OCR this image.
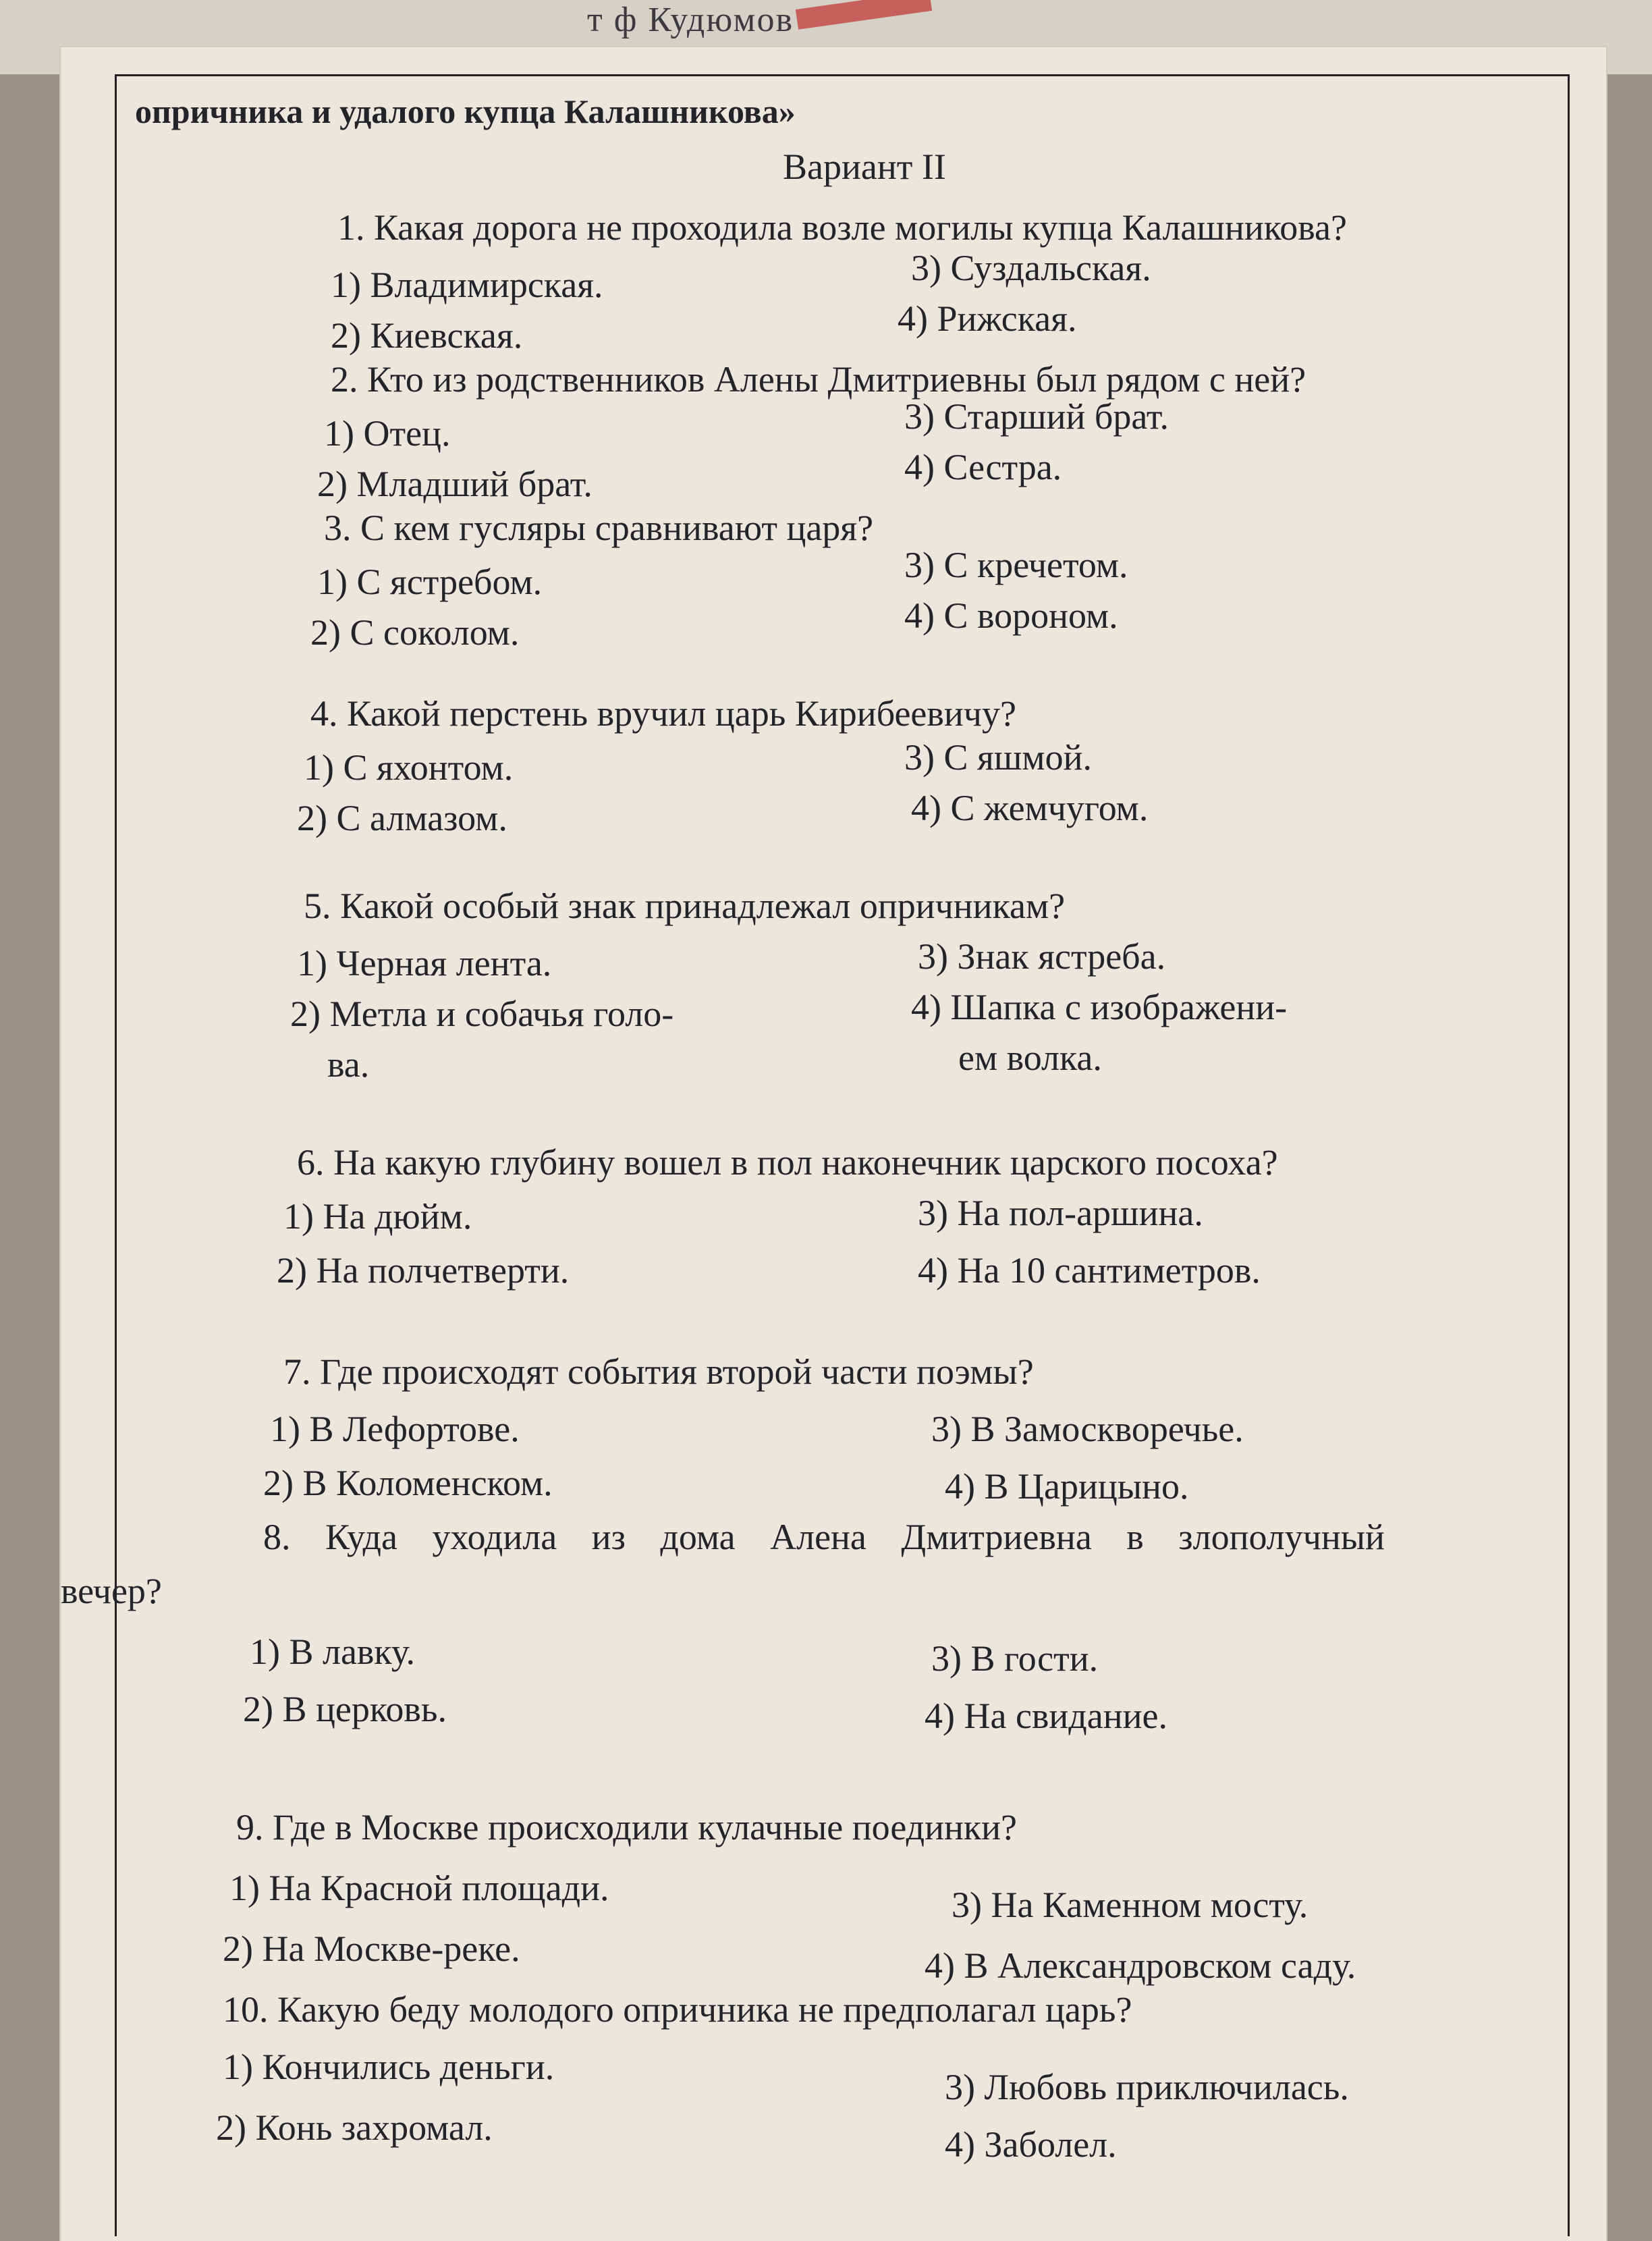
т ф Кудюмов
опричника и удалого купца Калашникова»
Вариант II
1. Какая дорога не проходила возле могилы купца Калашникова?
1) Владимирская.
2) Киевская.
3) Суздальская.
4) Рижская.
2. Кто из родственников Алены Дмитриевны был рядом с ней?
1) Отец.
2) Младший брат.
3) Старший брат.
4) Сестра.
3. С кем гусляры сравнивают царя?
1) С ястребом.
2) С соколом.
3) С кречетом.
4) С вороном.
4. Какой перстень вручил царь Кирибеевичу?
1) С яхонтом.
2) С алмазом.
3) С яшмой.
4) С жемчугом.
5. Какой особый знак принадлежал опричникам?
1) Черная лента.
2) Метла и собачья голо-
ва.
3) Знак ястреба.
4) Шапка с изображени-
ем волка.
6. На какую глубину вошел в пол наконечник царского посоха?
1) На дюйм.
2) На полчетверти.
3) На пол-аршина.
4) На 10 сантиметров.
7. Где происходят события второй части поэмы?
1) В Лефортове.
2) В Коломенском.
3) В Замоскворечье.
4) В Царицыно.
8. Куда уходила из дома Алена Дмитриевна в злополучный
вечер?
1) В лавку.
2) В церковь.
3) В гости.
4) На свидание.
9. Где в Москве происходили кулачные поединки?
1) На Красной площади.
2) На Москве-реке.
3) На Каменном мосту.
4) В Александровском саду.
10. Какую беду молодого опричника не предполагал царь?
1) Кончились деньги.
2) Конь захромал.
3) Любовь приключилась.
4) Заболел.
